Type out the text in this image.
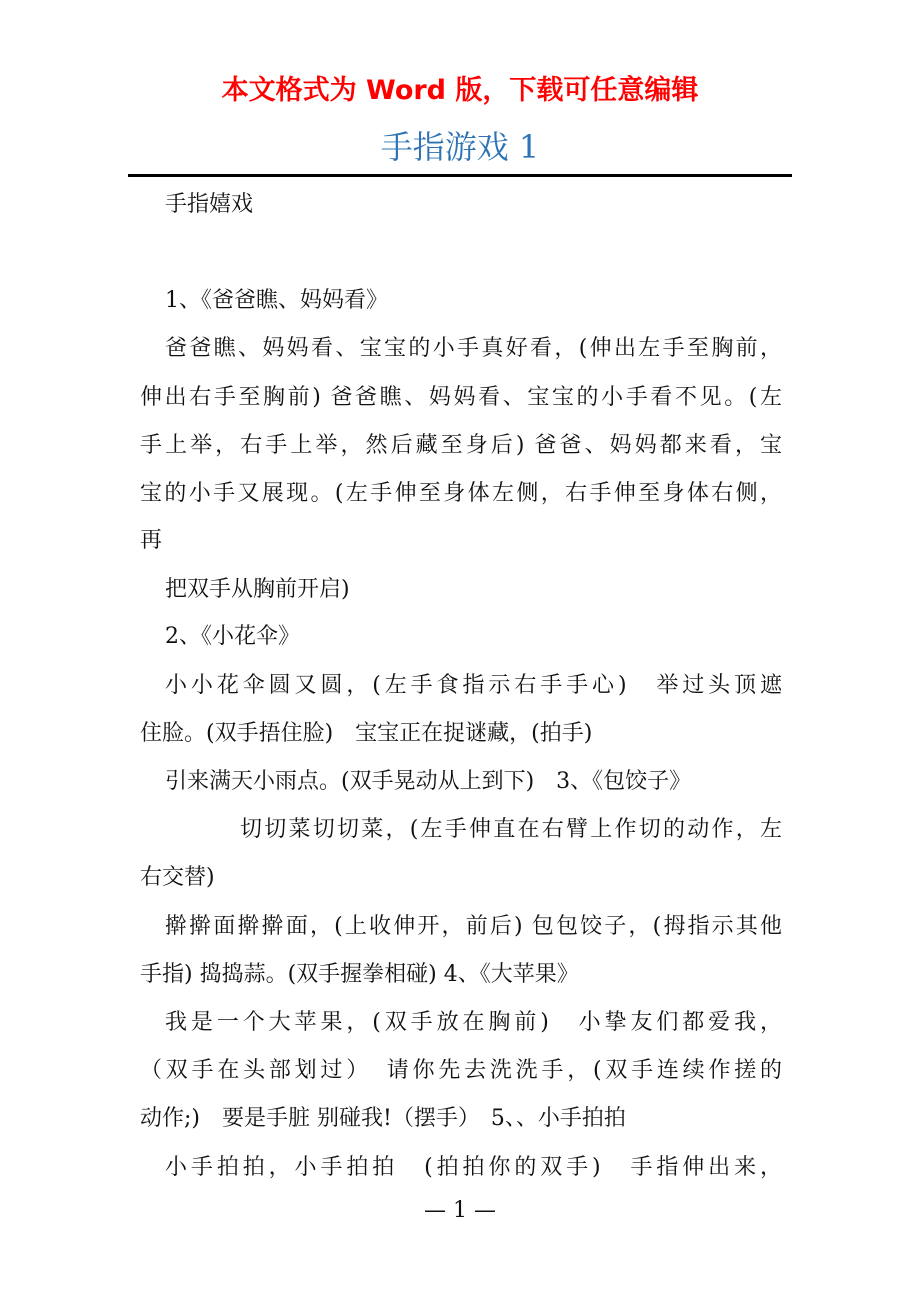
本文格式为 Word 版，下载可任意编辑
手指游戏 1
手指嬉戏
1、《爸爸瞧、妈妈看》
爸爸瞧、妈妈看、宝宝的小手真好看，(伸出左手至胸前，
伸出右手至胸前) 爸爸瞧、妈妈看、宝宝的小手看不见。(左
手上举，右手上举，然后藏至身后) 爸爸、妈妈都来看，宝
宝的小手又展现。(左手伸至身体左侧，右手伸至身体右侧，
再
把双手从胸前开启)
2、《小花伞》
小小花伞圆又圆，(左手食指示右手手心)　举过头顶遮
住脸。(双手捂住脸)　宝宝正在捉谜藏，(拍手)
引来满天小雨点。(双手晃动从上到下)　3、《包饺子》
切切菜切切菜，(左手伸直在右臂上作切的动作，左
右交替)
擀擀面擀擀面，(上收伸开，前后) 包包饺子，(拇指示其他
手指) 捣捣蒜。(双手握拳相碰) 4、《大苹果》
我是一个大苹果，(双手放在胸前)　小挚友们都爱我，
（双手在头部划过）　请你先去洗洗手，(双手连续作搓的
动作;)　要是手脏 别碰我!（摆手）　5、、小手拍拍
小手拍拍，小手拍拍　(拍拍你的双手)　手指伸出来，
— 1 —
